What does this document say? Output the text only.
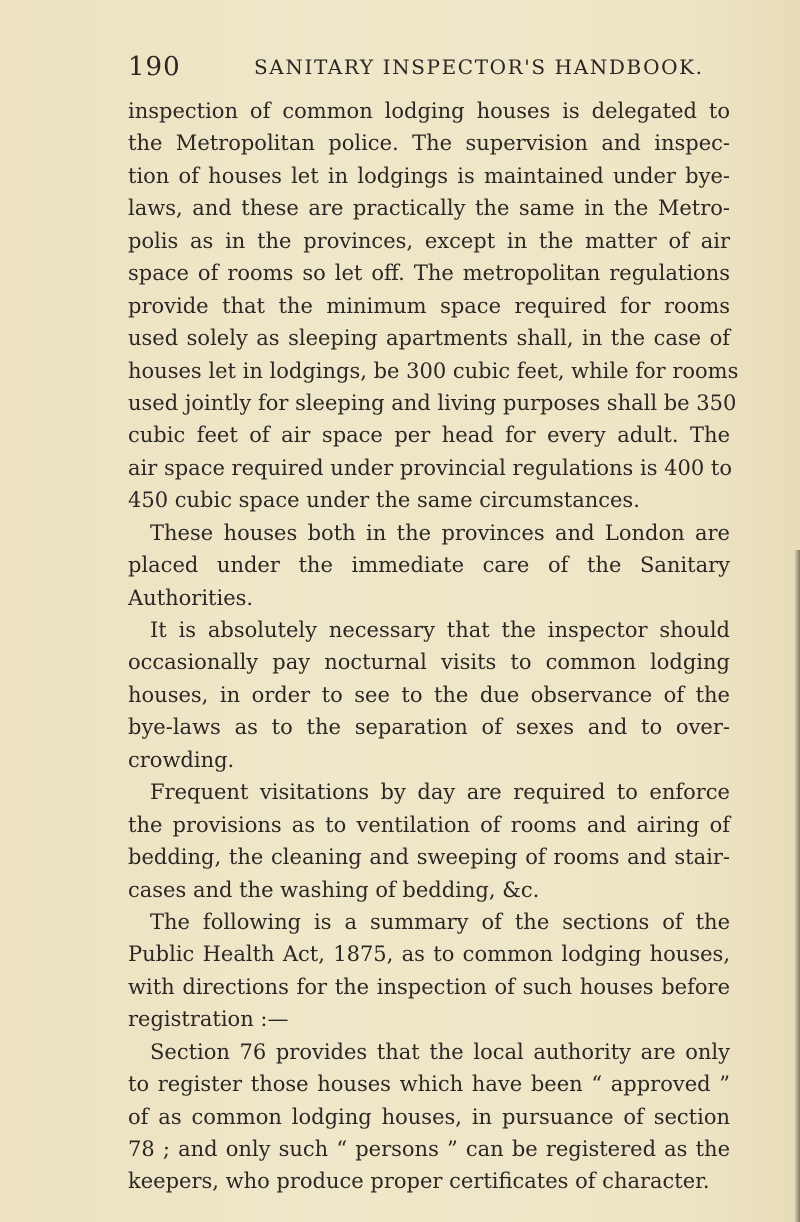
190	SANITARY INSPECTOR'S HANDBOOK.
inspection of common lodging houses is delegated to
the Metropolitan police. The supervision and inspec-
tion of houses let in lodgings is maintained under bye-
laws, and these are practically the same in the Metro-
polis as in the provinces, except in the matter of air
space of rooms so let off. The metropolitan regulations
provide that the minimum space required for rooms
used solely as sleeping apartments shall, in the case of
houses let in lodgings, be 300 cubic feet, while for rooms
used jointly for sleeping and living purposes shall be 350
cubic feet of air space per head for every adult. The
air space required under provincial regulations is 400 to
450 cubic space under the same circumstances.
These houses both in the provinces and London are
placed under the immediate care of the Sanitary
Authorities.
It is absolutely necessary that the inspector should
occasionally pay nocturnal visits to common lodging
houses, in order to see to the due observance of the
bye-laws as to the separation of sexes and to over-
crowding.
Frequent visitations by day are required to enforce
the provisions as to ventilation of rooms and airing of
bedding, the cleaning and sweeping of rooms and stair-
cases and the washing of bedding, &c.
The following is a summary of the sections of the
Public Health Act, 1875, as to common lodging houses,
with directions for the inspection of such houses before
registration :—
Section 76 provides that the local authority are only
to register those houses which have been “ approved ”
of as common lodging houses, in pursuance of section
78 ; and only such “ persons ” can be registered as the
keepers, who produce proper certificates of character.
